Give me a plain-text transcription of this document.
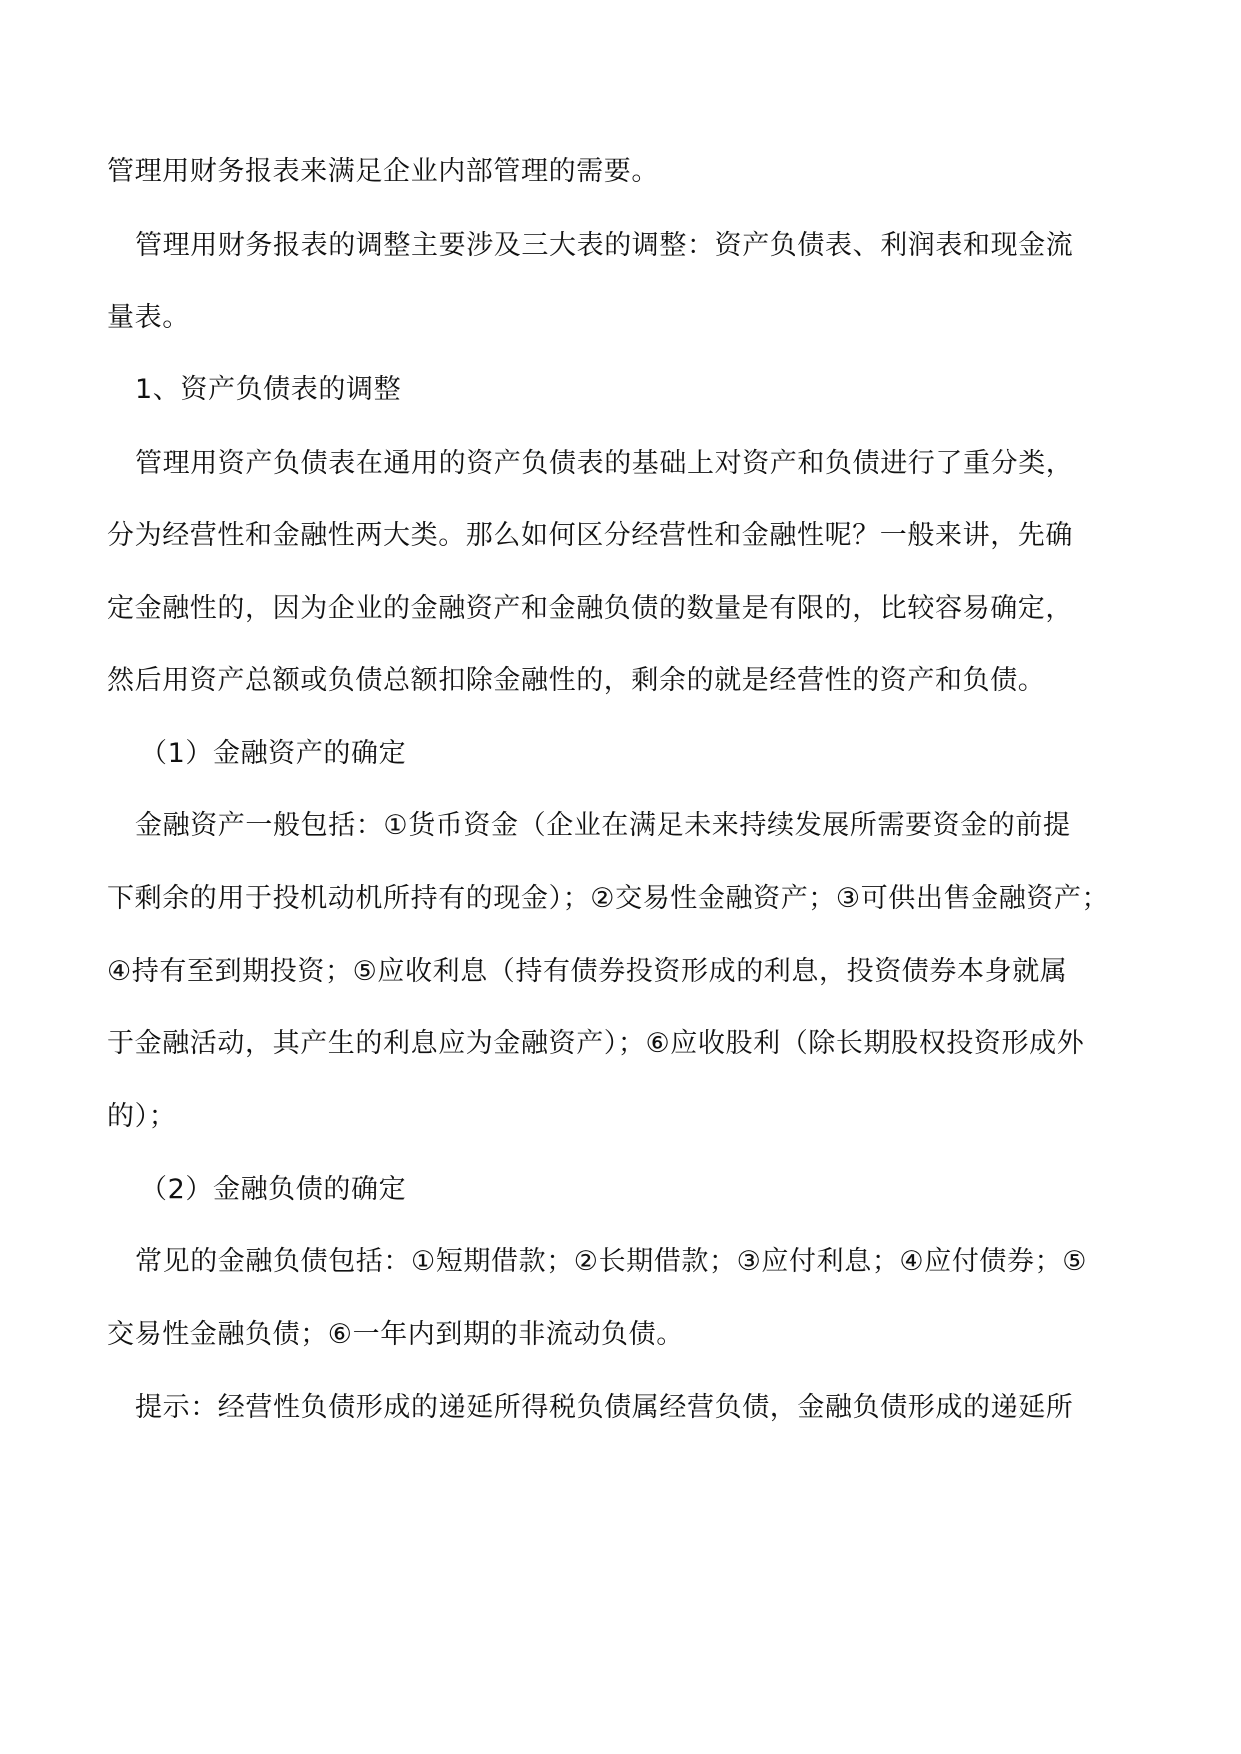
管理用财务报表来满足企业内部管理的需要。
管理用财务报表的调整主要涉及三大表的调整：资产负债表、利润表和现金流
量表。
1、资产负债表的调整
管理用资产负债表在通用的资产负债表的基础上对资产和负债进行了重分类，
分为经营性和金融性两大类。那么如何区分经营性和金融性呢？一般来讲，先确
定金融性的，因为企业的金融资产和金融负债的数量是有限的，比较容易确定，
然后用资产总额或负债总额扣除金融性的，剩余的就是经营性的资产和负债。
（1）金融资产的确定
金融资产一般包括：①货币资金（企业在满足未来持续发展所需要资金的前提
下剩余的用于投机动机所持有的现金）；②交易性金融资产；③可供出售金融资产；
④持有至到期投资；⑤应收利息（持有债券投资形成的利息，投资债券本身就属
于金融活动，其产生的利息应为金融资产）；⑥应收股利（除长期股权投资形成外
的）；
（2）金融负债的确定
常见的金融负债包括：①短期借款；②长期借款；③应付利息；④应付债券；⑤
交易性金融负债；⑥一年内到期的非流动负债。
提示：经营性负债形成的递延所得税负债属经营负债，金融负债形成的递延所
